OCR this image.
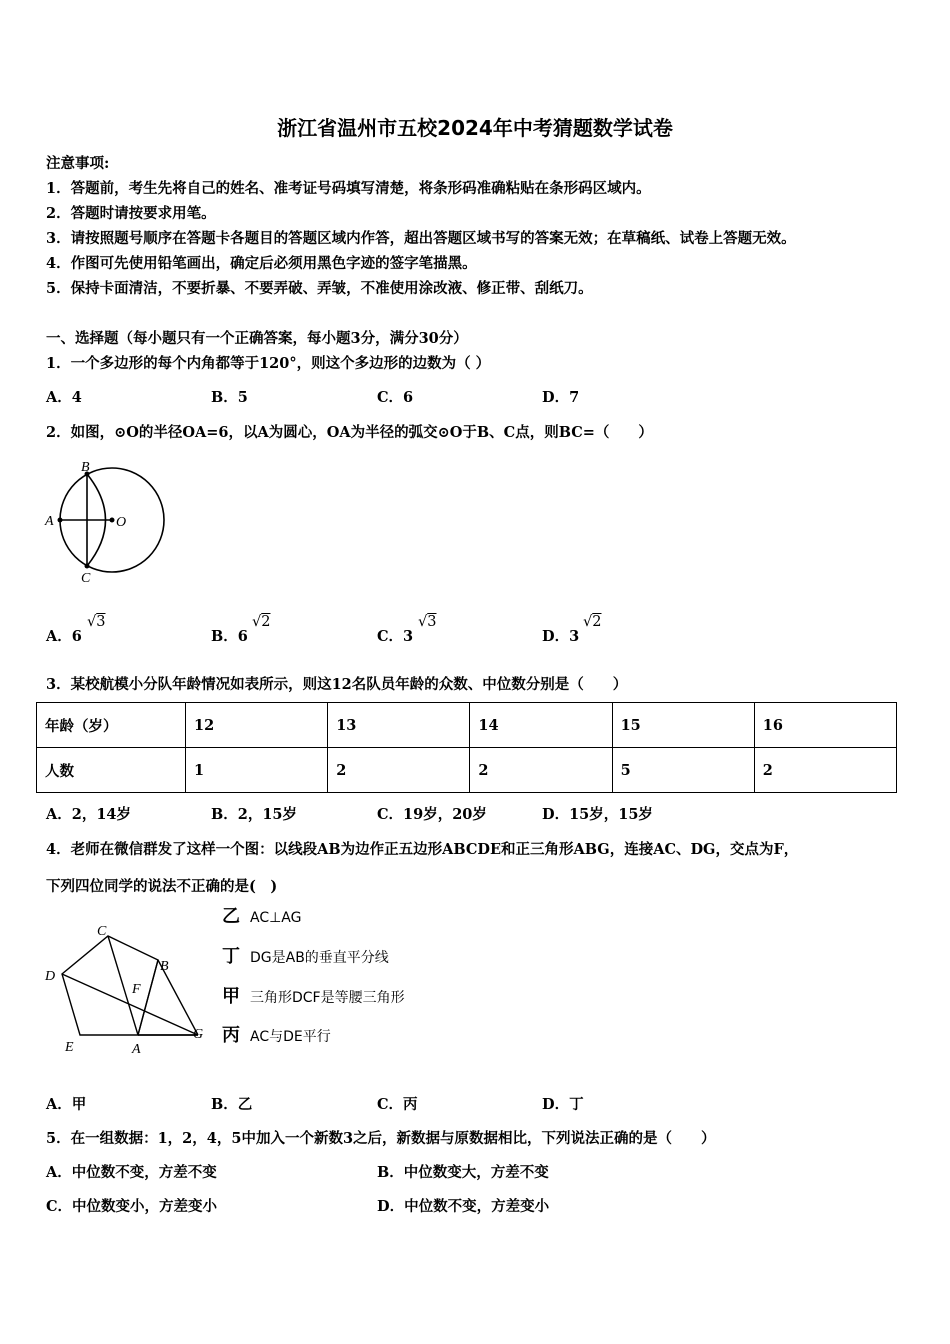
浙江省温州市五校2024年中考猜题数学试卷
注意事项:
1．答题前，考生先将自己的姓名、准考证号码填写清楚，将条形码准确粘贴在条形码区域内。
2．答题时请按要求用笔。
3．请按照题号顺序在答题卡各题目的答题区域内作答，超出答题区域书写的答案无效；在草稿纸、试卷上答题无效。
4．作图可先使用铅笔画出，确定后必须用黑色字迹的签字笔描黑。
5．保持卡面清洁，不要折暴、不要弄破、弄皱，不准使用涂改液、修正带、刮纸刀。
一、选择题（每小题只有一个正确答案，每小题3分，满分30分）
1．一个多边形的每个内角都等于120°，则这个多边形的边数为（ ）
A．4	B．5	C．6	D．7
2．如图，⊙O的半径OA=6，以A为圆心，OA为半径的弧交⊙O于B、C点，则BC=（　　）
A	O
B
C
A．6
√3
B．6
√2
C．3
√3
D．3
√2
3．某校航模小分队年龄情况如表所示，则这12名队员年龄的众数、中位数分别是（　　）
年龄（岁）	12	13	14	15	16
人数	1	2	2	5	2
A．2，14岁	B．2，15岁	C．19岁，20岁	D．15岁，15岁
4．老师在微信群发了这样一个图：以线段AB为边作正五边形ABCDE和正三角形ABG，连接AC、DG，交点为F，
下列四位同学的说法不正确的是(　)
A
B
C
D
E
F
G
乙 AC⊥AG
丁 DG是AB的垂直平分线
甲 三角形DCF是等腰三角形
丙 AC与DE平行
A．甲	B．乙	C．丙	D．丁
5．在一组数据：1，2，4，5中加入一个新数3之后，新数据与原数据相比，下列说法正确的是（　　）
A．中位数不变，方差不变	B．中位数变大，方差不变
C．中位数变小，方差变小	D．中位数不变，方差变小
